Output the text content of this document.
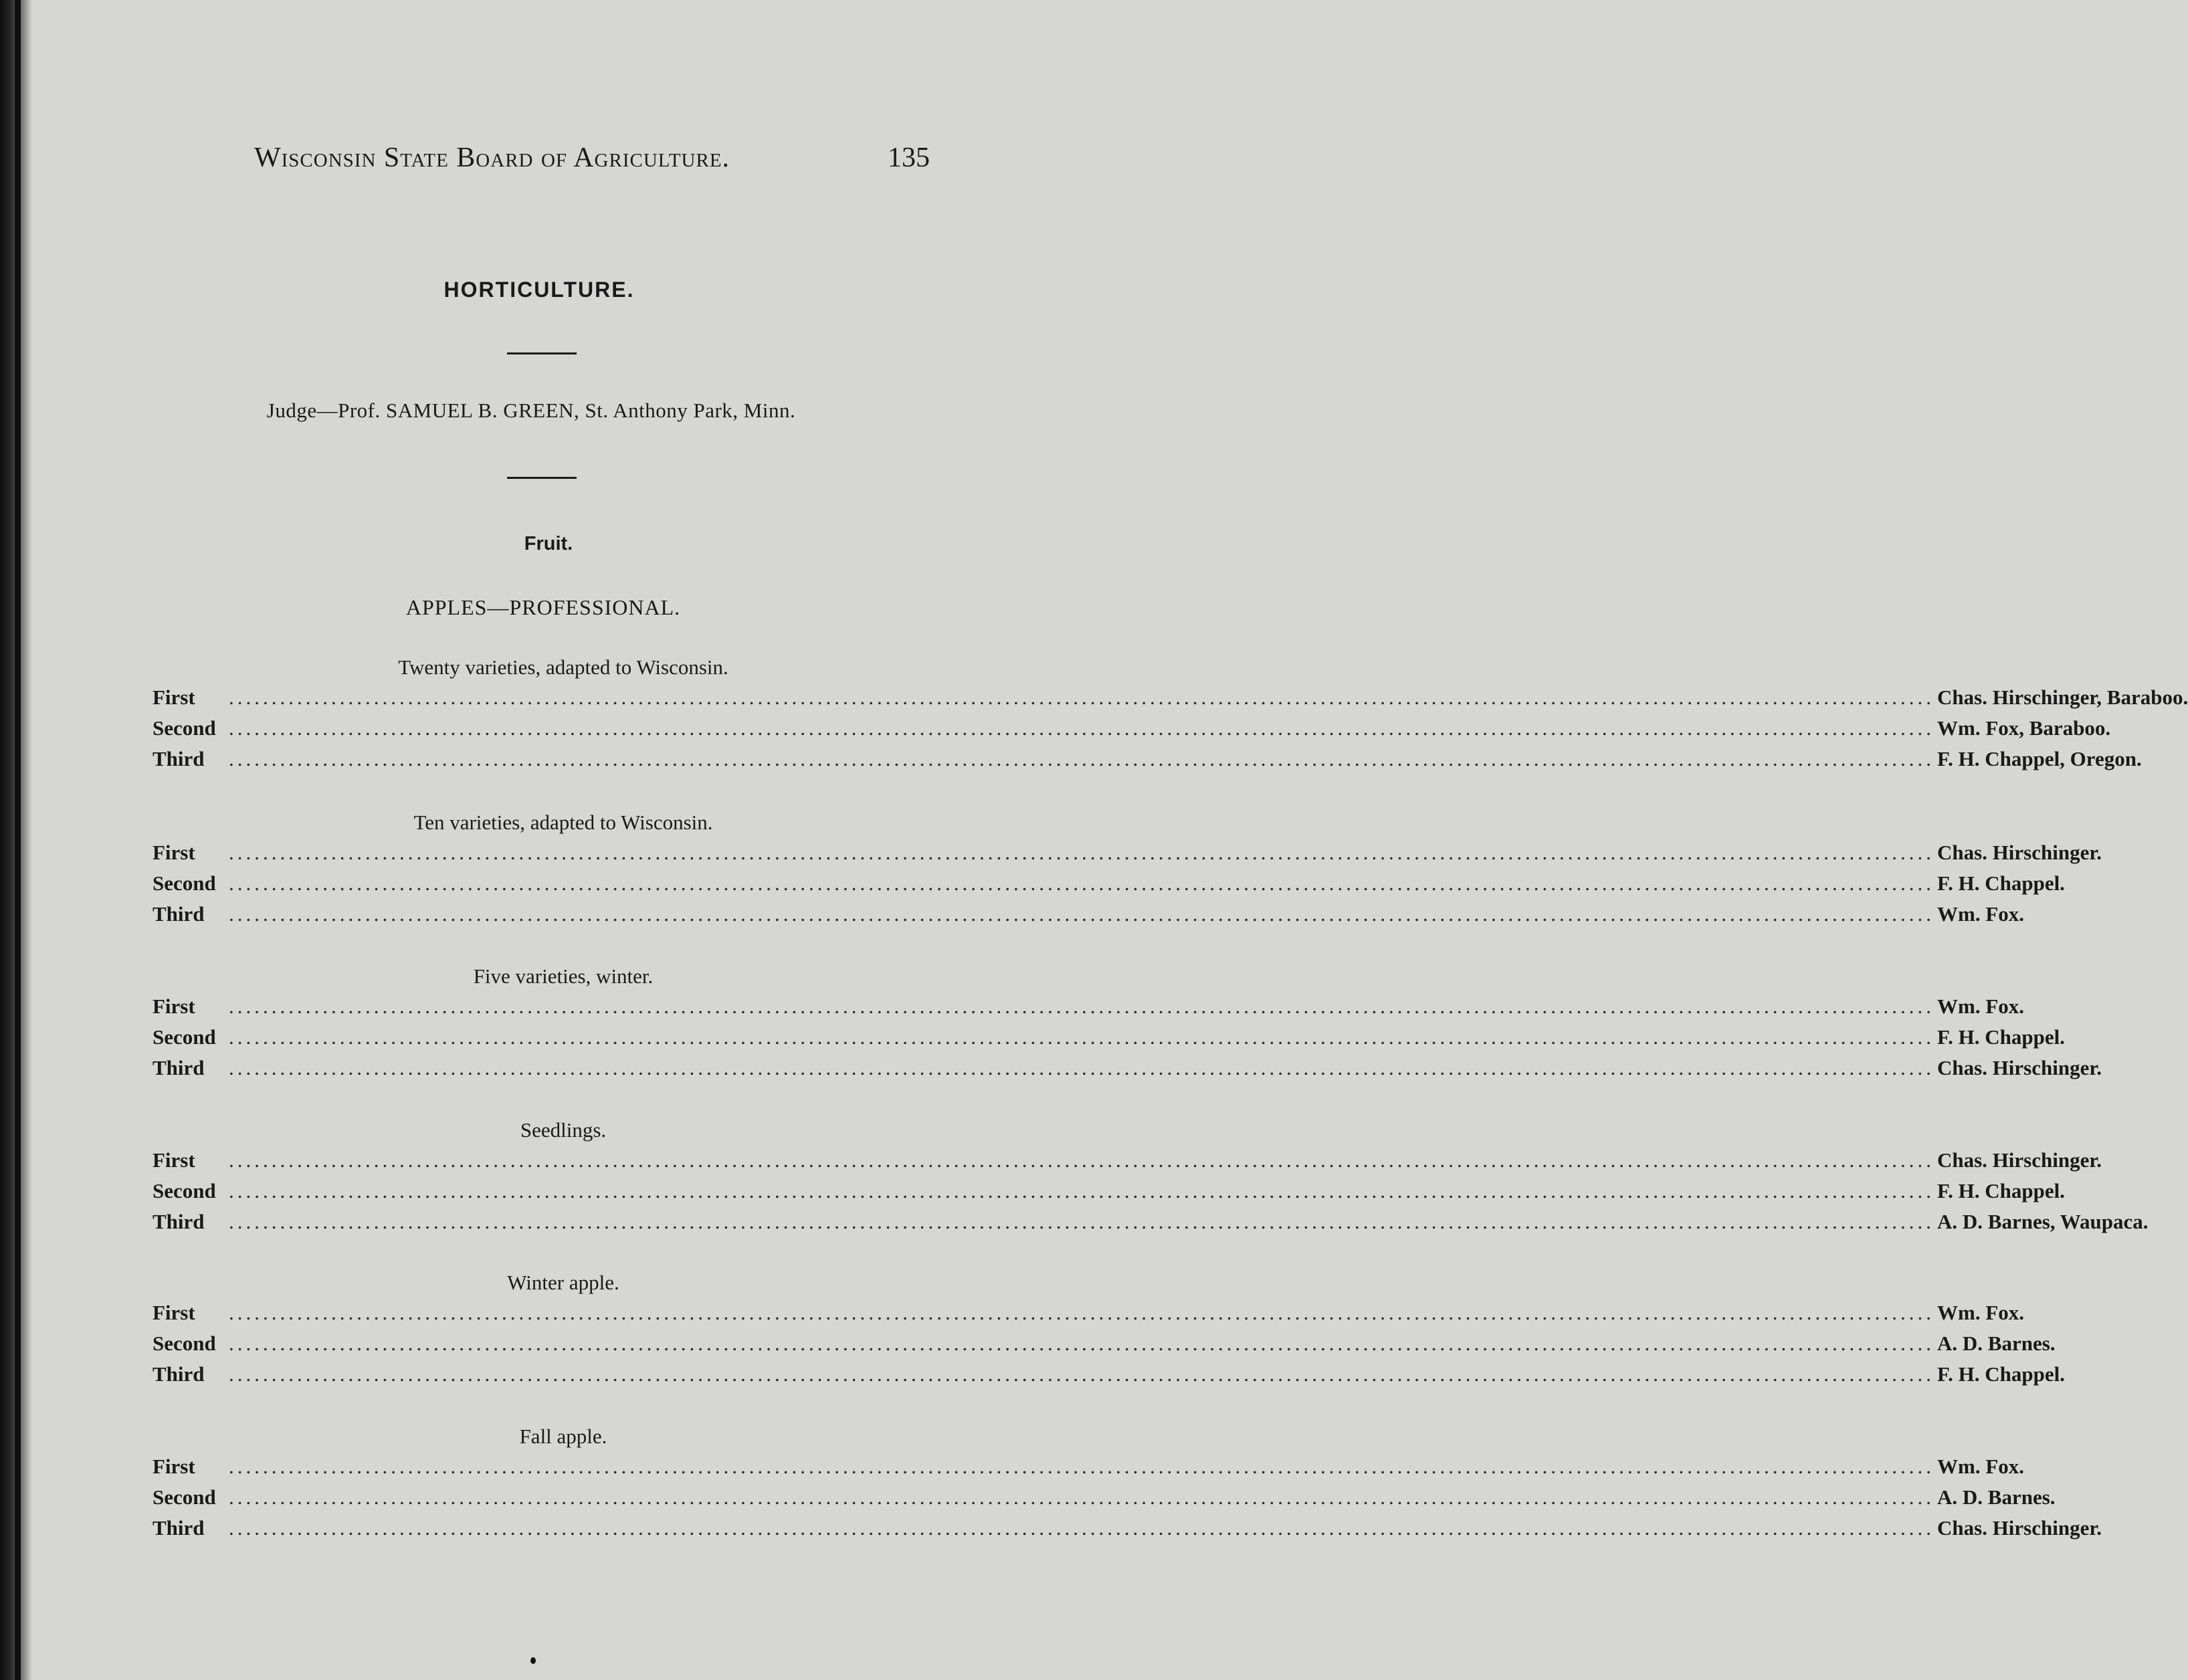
Wisconsin State Board of Agriculture.	135
HORTICULTURE.
Judge—Prof. SAMUEL B. GREEN, St. Anthony Park, Minn.
Fruit.
APPLES—PROFESSIONAL.
Twenty varieties, adapted to Wisconsin.
First	........................................................................................................................................................................................................ Chas. Hirschinger, Baraboo.
Second ........................................................................................................................................................................................................ Wm. Fox, Baraboo.
Third	........................................................................................................................................................................................................ F. H. Chappel, Oregon.
Ten varieties, adapted to Wisconsin.
First	........................................................................................................................................................................................................ Chas. Hirschinger.
Second ........................................................................................................................................................................................................ F. H. Chappel.
Third	........................................................................................................................................................................................................ Wm. Fox.
Five varieties, winter.
First	........................................................................................................................................................................................................ Wm. Fox.
Second ........................................................................................................................................................................................................ F. H. Chappel.
Third	........................................................................................................................................................................................................ Chas. Hirschinger.
Seedlings.
First	........................................................................................................................................................................................................ Chas. Hirschinger.
Second ........................................................................................................................................................................................................ F. H. Chappel.
Third	........................................................................................................................................................................................................ A. D. Barnes, Waupaca.
Winter apple.
First	........................................................................................................................................................................................................ Wm. Fox.
Second ........................................................................................................................................................................................................ A. D. Barnes.
Third	........................................................................................................................................................................................................ F. H. Chappel.
Fall apple.
First	........................................................................................................................................................................................................ Wm. Fox.
Second ........................................................................................................................................................................................................ A. D. Barnes.
Third	........................................................................................................................................................................................................ Chas. Hirschinger.
